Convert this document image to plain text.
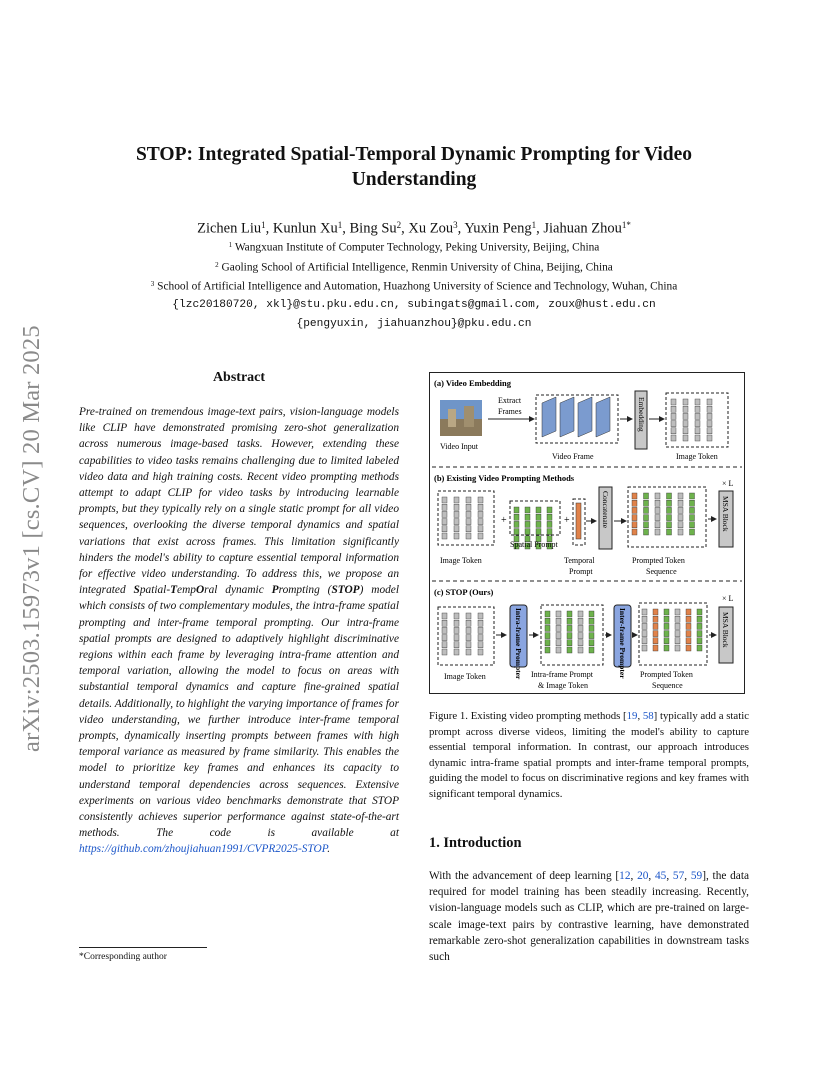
arXiv:2503.15973v1 [cs.CV] 20 Mar 2025
STOP: Integrated Spatial-Temporal Dynamic Prompting for Video
Understanding
Zichen Liu$^1$, Kunlun Xu$^1$, Bing Su$^2$, Xu Zou$^3$, Yuxin Peng$^1$, Jiahuan Zhou$^{1*}$
$^1$ Wangxuan Institute of Computer Technology, Peking University, Beijing, China
$^2$ Gaoling School of Artificial Intelligence, Renmin University of China, Beijing, China
$^3$ School of Artificial Intelligence and Automation, Huazhong University of Science and Technology, Wuhan, China
{lzc20180720, xkl}@stu.pku.edu.cn, subingats@gmail.com, zoux@hust.edu.cn
{pengyuxin, jiahuanzhou}@pku.edu.cn
Abstract
Pre-trained on tremendous image-text pairs, vision-language models like CLIP have demonstrated promising zero-shot generalization across numerous image-based tasks. However, extending these capabilities to video tasks remains challenging due to limited labeled video data and high training costs. Recent video prompting methods attempt to adapt CLIP for video tasks by introducing learnable prompts, but they typically rely on a single static prompt for all video sequences, overlooking the diverse temporal dynamics and spatial variations that exist across frames. This limitation significantly hinders the model's ability to capture essential temporal information for effective video understanding. To address this, we propose an integrated Spatial-TempOral dynamic Prompting (STOP) model which consists of two complementary modules, the intra-frame spatial prompting and inter-frame temporal prompting. Our intra-frame spatial prompts are designed to adaptively highlight discriminative regions within each frame by leveraging intra-frame attention and temporal variation, allowing the model to focus on areas with substantial temporal dynamics and capture fine-grained spatial details. Additionally, to highlight the varying importance of frames for video understanding, we further introduce inter-frame temporal prompts, dynamically inserting prompts between frames with high temporal variance as measured by frame similarity. This enables the model to prioritize key frames and enhances its capacity to understand temporal dependencies across sequences. Extensive experiments on various video benchmarks demonstrate that STOP consistently achieves superior performance against state-of-the-art methods. The code is available at https://github.com/zhoujiahuan1991/CVPR2025-STOP.
*Corresponding author
(a) Video Embedding
Video Input
Extract
Frames
Video Frame
Embedding
Image Token
(b) Existing Video Prompting Methods
Image Token
+
Spatial Prompt
+
Temporal
Prompt
Concatenate
Prompted Token
Sequence
MSA Block
× L
(c) STOP (Ours)
Image Token	Intra-frame Prompter Intra-frame Prompt
& Image Token
Inter-frame Prompter Prompted Token
Sequence
MSA Block
× L
Figure 1. Existing video prompting methods [19, 58] typically add a static prompt across diverse videos, limiting the model's ability to capture essential temporal information. In contrast, our approach introduces dynamic intra-frame spatial prompts and inter-frame temporal prompts, guiding the model to focus on discriminative regions and key frames with significant temporal dynamics.
1. Introduction
With the advancement of deep learning [12, 20, 45, 57, 59], the data required for model training has been steadily increasing. Recently, vision-language models such as CLIP, which are pre-trained on large-scale image-text pairs by contrastive learning, have demonstrated remarkable zero-shot generalization capabilities in downstream tasks such
